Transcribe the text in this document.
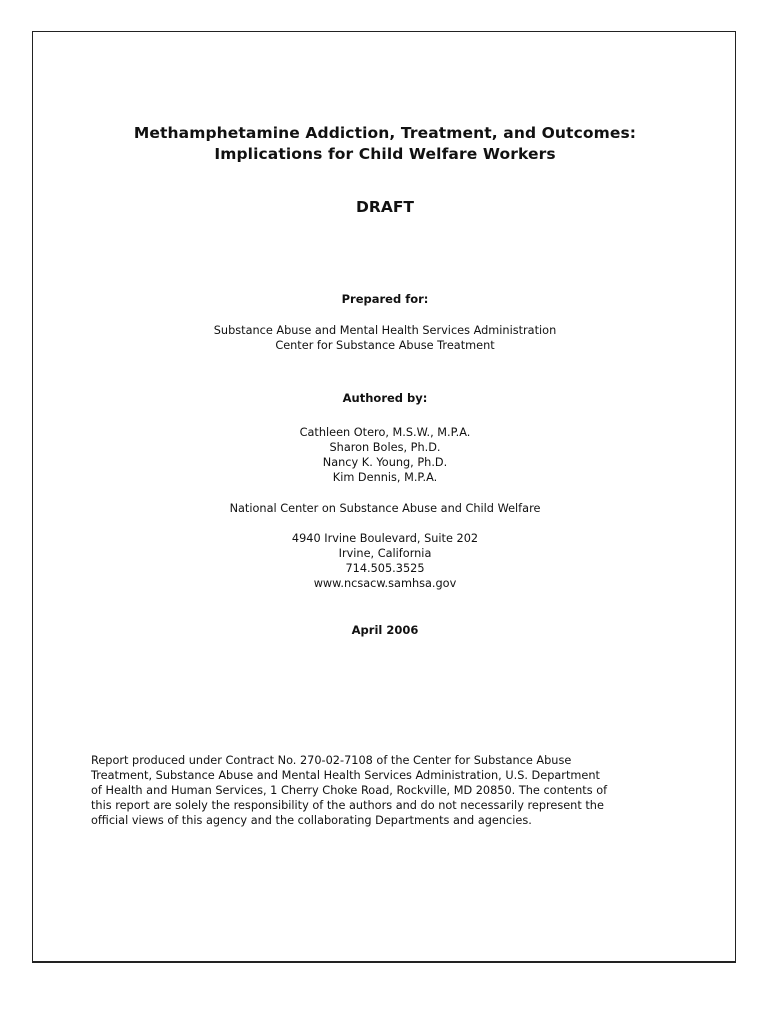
Methamphetamine Addiction, Treatment, and Outcomes:
Implications for Child Welfare Workers
DRAFT
Prepared for:
Substance Abuse and Mental Health Services Administration
Center for Substance Abuse Treatment
Authored by:
Cathleen Otero, M.S.W., M.P.A.
Sharon Boles, Ph.D.
Nancy K. Young, Ph.D.
Kim Dennis, M.P.A.
National Center on Substance Abuse and Child Welfare
4940 Irvine Boulevard, Suite 202
Irvine, California
714.505.3525
www.ncsacw.samhsa.gov
April 2006
Report produced under Contract No. 270-02-7108 of the Center for Substance Abuse
Treatment, Substance Abuse and Mental Health Services Administration, U.S. Department
of Health and Human Services, 1 Cherry Choke Road, Rockville, MD 20850. The contents of
this report are solely the responsibility of the authors and do not necessarily represent the
official views of this agency and the collaborating Departments and agencies.
